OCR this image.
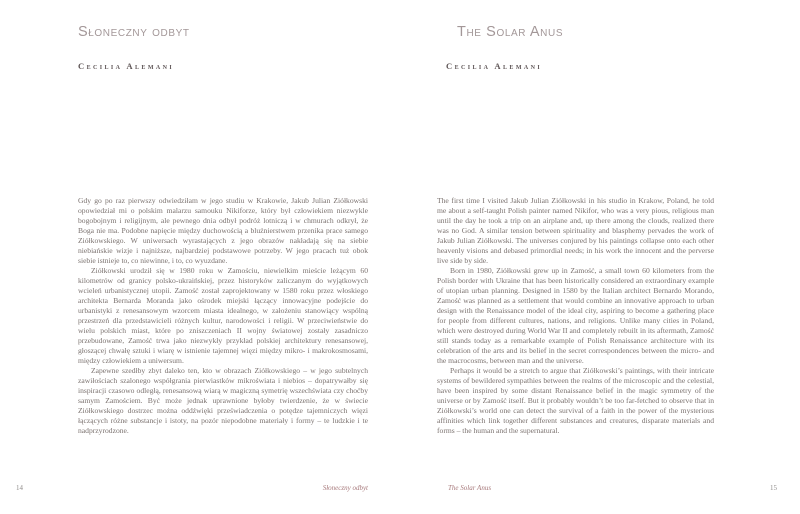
Słoneczny odbyt
Cecilia Alemani

Gdy go po raz pierwszy odwiedziłam w jego studiu w Krakowie, Jakub Julian Ziółkowski opowiedział mi o polskim malarzu samouku Nikiforze, który był człowiekiem niezwykle bogobojnym i religijnym, ale pewnego dnia odbył podróż lotniczą i w chmurach odkrył, że Boga nie ma. Podobne napięcie między duchowością a bluźnierstwem przenika prace samego Ziółkowskiego. W uniwersach wyrastających z jego obrazów nakładają się na siebie niebiańskie wizje i najniższe, najbardziej podstawowe potrzeby. W jego pracach tuż obok siebie istnieje to, co niewinne, i to, co wyuzdane.

Ziółkowski urodził się w 1980 roku w Zamościu, niewielkim mieście leżącym 60 kilometrów od granicy polsko-ukraińskiej, przez historyków zaliczanym do wyjątkowych wcieleń urbanistycznej utopii. Zamość został zaprojektowany w 1580 roku przez włoskiego architekta Bernarda Moranda jako ośrodek miejski łączący innowacyjne podejście do urbanistyki z renesansowym wzorcem miasta idealnego, w założeniu stanowiący wspólną przestrzeń dla przedstawicieli różnych kultur, narodowości i religii. W przeciwieństwie do wielu polskich miast, które po zniszczeniach II wojny światowej zostały zasadniczo przebudowane, Zamość trwa jako niezwykły przykład polskiej architektury renesansowej, głoszącej chwałę sztuki i wiarę w istnienie tajemnej więzi między mikro- i makrokosmosami, między człowiekiem a uniwersum.

Zapewne szedłby zbyt daleko ten, kto w obrazach Ziółkowskiego – w jego subtelnych zawiłościach szalonego współgrania pierwiastków mikroświata i niebios – dopatrywałby się inspiracji czasowo odległą, renesansową wiarą w magiczną symetrię wszechświata czy choćby samym Zamościem. Być może jednak uprawnione byłoby twierdzenie, że w świecie Ziółkowskiego dostrzec można oddźwięki przeświadczenia o potędze tajemniczych więzi łączących różne substancje i istoty, na pozór niepodobne materiały i formy – te ludzkie i te nadprzyrodzone.

Słoneczny odbyt
14
The Solar Anus
Cecilia Alemani

The first time I visited Jakub Julian Ziółkowski in his studio in Krakow, Poland, he told me about a self-taught Polish painter named Nikifor, who was a very pious, religious man until the day he took a trip on an airplane and, up there among the clouds, realized there was no God. A similar tension between spirituality and blasphemy pervades the work of Jakub Julian Ziółkowski. The universes conjured by his paintings collapse onto each other heavenly visions and debased primordial needs; in his work the innocent and the perverse live side by side.

Born in 1980, Ziółkowski grew up in Zamość, a small town 60 kilometers from the Polish border with Ukraine that has been historically considered an extraordinary example of utopian urban planning. Designed in 1580 by the Italian architect Bernardo Morando, Zamość was planned as a settlement that would combine an innovative approach to urban design with the Renaissance model of the ideal city, aspiring to become a gathering place for people from different cultures, nations, and religions. Unlike many cities in Poland, which were destroyed during World War II and completely rebuilt in its aftermath, Zamość still stands today as a remarkable example of Polish Renaissance architecture with its celebration of the arts and its belief in the secret correspondences between the micro- and the macrocosms, between man and the universe.

Perhaps it would be a stretch to argue that Ziółkowski’s paintings, with their intricate systems of bewildered sympathies between the realms of the microscopic and the celestial, have been inspired by some distant Renaissance belief in the magic symmetry of the universe or by Zamość itself. But it probably wouldn’t be too far-fetched to observe that in Ziółkowski’s world one can detect the survival of a faith in the power of the mysterious affinities which link together different substances and creatures, disparate materials and forms – the human and the supernatural.

The Solar Anus	15
